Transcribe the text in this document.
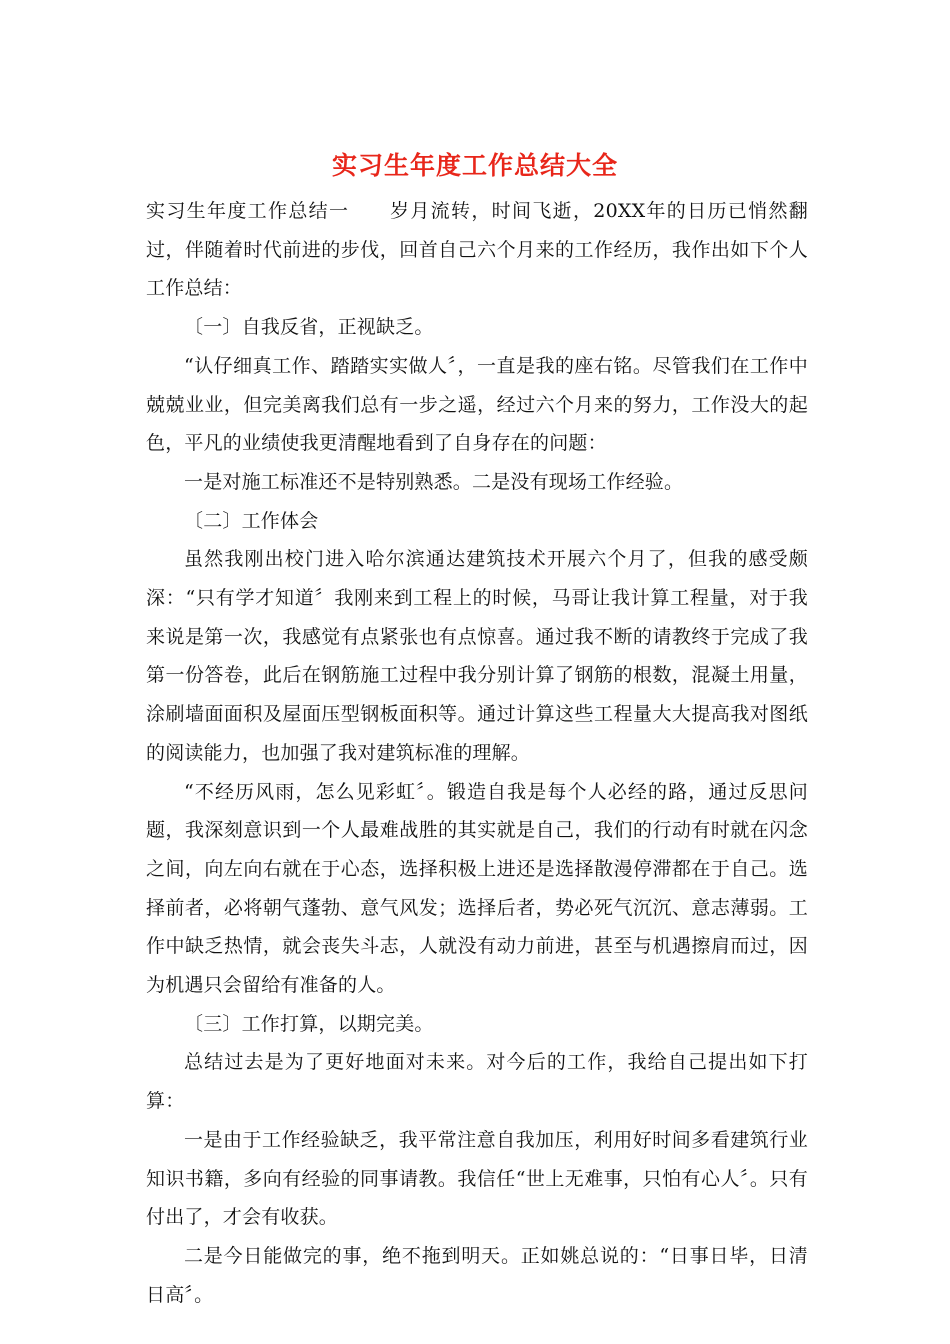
实习生年度工作总结大全

实习生年度工作总结一　　岁月流转，时间飞逝，20XX年的日历已悄然翻过，伴随着时代前进的步伐，回首自己六个月来的工作经历，我作出如下个人工作总结：

〔一〕自我反省，正视缺乏。

“认仔细真工作、踏踏实实做人〞，一直是我的座右铭。尽管我们在工作中兢兢业业，但完美离我们总有一步之遥，经过六个月来的努力，工作没大的起色，平凡的业绩使我更清醒地看到了自身存在的问题：

一是对施工标准还不是特别熟悉。二是没有现场工作经验。

〔二〕工作体会

虽然我刚出校门进入哈尔滨通达建筑技术开展六个月了，但我的感受颇深：“只有学才知道〞我刚来到工程上的时候，马哥让我计算工程量，对于我来说是第一次，我感觉有点紧张也有点惊喜。通过我不断的请教终于完成了我第一份答卷，此后在钢筋施工过程中我分别计算了钢筋的根数，混凝土用量，涂刷墙面面积及屋面压型钢板面积等。通过计算这些工程量大大提高我对图纸的阅读能力，也加强了我对建筑标准的理解。

“不经历风雨，怎么见彩虹〞。锻造自我是每个人必经的路，通过反思问题，我深刻意识到一个人最难战胜的其实就是自己，我们的行动有时就在闪念之间，向左向右就在于心态，选择积极上进还是选择散漫停滞都在于自己。选择前者，必将朝气蓬勃、意气风发；选择后者，势必死气沉沉、意志薄弱。工作中缺乏热情，就会丧失斗志，人就没有动力前进，甚至与机遇擦肩而过，因为机遇只会留给有准备的人。

〔三〕工作打算，以期完美。

总结过去是为了更好地面对未来。对今后的工作，我给自己提出如下打算：

一是由于工作经验缺乏，我平常注意自我加压，利用好时间多看建筑行业知识书籍，多向有经验的同事请教。我信任“世上无难事，只怕有心人〞。只有付出了，才会有收获。

二是今日能做完的事，绝不拖到明天。正如姚总说的：“日事日毕，日清日高〞。
